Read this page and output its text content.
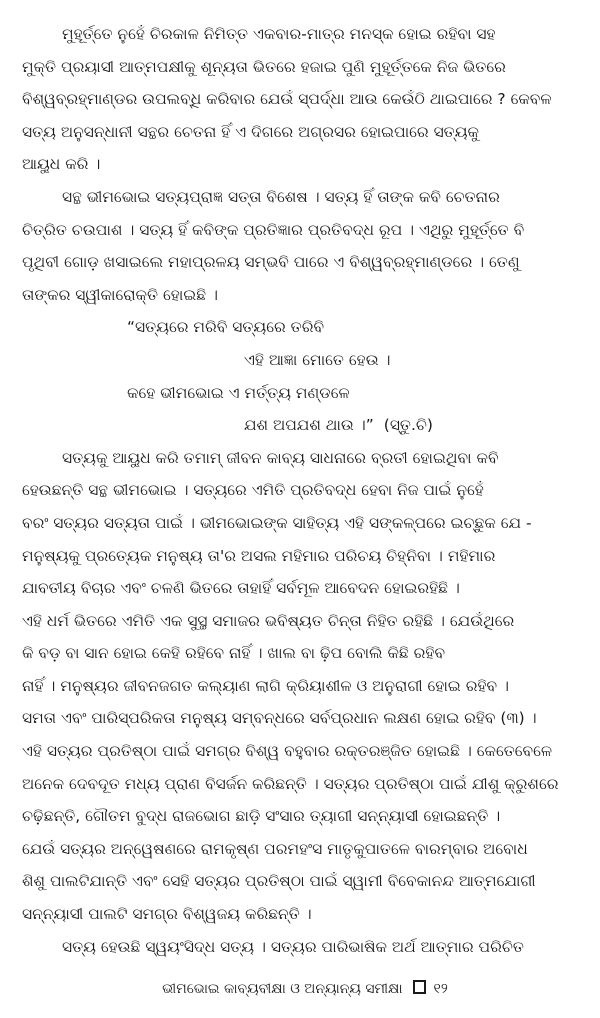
ମୁହୂର୍ତ୍ତେ ନୁହେଁ ଚିରକାଳ ନିମିତ୍ତ ଏକବାର-ମାତ୍ର ମନସ୍କ ହୋଇ ରହିବା ସହ
ମୁକ୍ତି ପ୍ରୟାସୀ ଆତ୍ମପକ୍ଷୀକୁ ଶୂନ୍ୟତା ଭିତରେ ହଜାଇ ପୁଣି ମୁହୂର୍ତ୍ତକେ ନିଜ ଭିତରେ
ବିଶ୍ୱବ୍ରହ୍ମାଣ୍ଡର ଉପଲବ୍ଧି କରିବାର ଯେଉଁ ସ୍ପର୍ଦ୍ଧା ଆଉ କେଉଁଠି ଥାଇପାରେ ? କେବଳ
ସତ୍ୟ ଅନୁସନ୍ଧାନୀ ସନ୍ଥର ଚେତନା ହିଁ ଏ ଦିଗରେ ଅଗ୍ରସର ହୋଇପାରେ ସତ୍ୟକୁ
ଆୟୁଧ କରି ।
ସନ୍ଥ ଭୀମଭୋଇ ସତ୍ୟପ୍ରାଜ୍ଞ ସତ୍ତା ବିଶେଷ । ସତ୍ୟ ହିଁ ତାଙ୍କ କବି ଚେତନାର
ଚିତ୍ରିତ ଚଉପାଶ । ସତ୍ୟ ହିଁ କବିଙ୍କ ପ୍ରତିଜ୍ଞାର ପ୍ରତିବଦ୍ଧ ରୂପ । ଏଥିରୁ ମୁହୂର୍ତ୍ତେ ବି
ପୃଥିବୀ ଗୋଡ଼ ଖସାଇଲେ ମହାପ୍ରଳୟ ସମ୍ଭବି ପାରେ ଏ ବିଶ୍ୱବ୍ରହ୍ମାଣ୍ଡରେ । ତେଣୁ
ତାଙ୍କର ସ୍ୱୀକାରୋକ୍ତି ହୋଇଛି ।
“ସତ୍ୟରେ ମରିବି ସତ୍ୟରେ ତରିବି
ଏହି ଆଜ୍ଞା ମୋତେ ହେଉ ।
କହେ ଭୀମଭୋଇ ଏ ମର୍ତ୍ତ୍ୟ ମଣ୍ଡଳେ
ଯଶ ଅପଯଶ ଥାଉ ।” (ସ୍ତୁ.ଚି)
ସତ୍ୟକୁ ଆୟୁଧ କରି ତମାମ୍ ଜୀବନ କାବ୍ୟ ସାଧନାରେ ବ୍ରତୀ ହୋଇଥିବା କବି
ହେଉଛନ୍ତି ସନ୍ଥ ଭୀମଭୋଇ । ସତ୍ୟରେ ଏମିତି ପ୍ରତିବଦ୍ଧ ହେବା ନିଜ ପାଇଁ ନୁହେଁ
ବରଂ ସତ୍ୟର ସତ୍ୟତା ପାଇଁ । ଭୀମଭୋଇଙ୍କ ସାହିତ୍ୟ ଏହି ସଙ୍କଳ୍ପରେ ଇଚ୍ଛୁକ ଯେ -
ମନୁଷ୍ୟକୁ ପ୍ରତ୍ୟେକ ମନୁଷ୍ୟ ତା'ର ଅସଲ ମହିମାର ପରିଚୟ ଚିହ୍ନିବା । ମହିମାର
ଯାବତୀୟ ବିଚାର ଏବଂ ଚଳଣି ଭିତରେ ତାହାହିଁ ସର୍ବମୂଳ ଆବେଦନ ହୋଇରହିଛି ।
ଏହି ଧର୍ମ ଭିତରେ ଏମିତି ଏକ ସୁସ୍ଥ ସମାଜର ଭବିଷ୍ୟତ ଚିନ୍ତା ନିହିତ ରହିଛି । ଯେଉଁଥିରେ
କି ବଡ଼ ବା ସାନ ହୋଇ କେହି ରହିବେ ନାହିଁ । ଖାଲ ବା ଢ଼ିପ ବୋଲି କିଛି ରହିବ
ନାହିଁ । ମନୁଷ୍ୟର ଜୀବନଜଗତ କଲ୍ୟାଣ ଲାଗି କ୍ରିୟାଶୀଳ ଓ ଅନୁରାଗୀ ହୋଇ ରହିବ ।
ସମତା ଏବଂ ପାରିସ୍ପରିକତା ମନୁଷ୍ୟ ସମ୍ବନ୍ଧରେ ସର୍ବପ୍ରଧାନ ଲକ୍ଷଣ ହୋଇ ରହିବ (୩) ।
ଏହି ସତ୍ୟର ପ୍ରତିଷ୍ଠା ପାଇଁ ସମଗ୍ର ବିଶ୍ୱ ବହୁବାର ରକ୍ତରଞ୍ଜିତ ହୋଇଛି । କେତେବେଳେ
ଅନେକ ଦେବଦୂତ ମଧ୍ୟ ପ୍ରାଣ ବିସର୍ଜନ କରିଛନ୍ତି । ସତ୍ୟର ପ୍ରତିଷ୍ଠା ପାଇଁ ଯୀଶୁ କ୍ରୁଶରେ
ଚଢ଼ିଛନ୍ତି, ଗୌତମ ବୁଦ୍ଧ ରାଜଭୋଗ ଛାଡ଼ି ସଂସାର ତ୍ୟାଗୀ ସନ୍ନ୍ୟାସୀ ହୋଇଛନ୍ତି ।
ଯେଉଁ ସତ୍ୟର ଅନ୍ୱେଷଣରେ ରାମକୃଷ୍ଣ ପରମହଂସ ମାତୃକୁପାତଳେ ବାରମ୍ବାର ଅବୋଧ
ଶିଶୁ ପାଲଟିଯାନ୍ତି ଏବଂ ସେହି ସତ୍ୟର ପ୍ରତିଷ୍ଠା ପାଇଁ ସ୍ୱାମୀ ବିବେକାନନ୍ଦ ଆତ୍ମଯୋଗୀ
ସନ୍ନ୍ୟାସୀ ପାଲଟି ସମଗ୍ର ବିଶ୍ୱଜୟ କରିଛନ୍ତି ।
ସତ୍ୟ ହେଉଛି ସ୍ୱୟଂସିଦ୍ଧ ସତ୍ୟ । ସତ୍ୟର ପାରିଭାଷିକ ଅର୍ଥ ଆତ୍ମାର ପରିଚିତ
ଭୀମଭୋଇ କାବ୍ୟବୀକ୍ଷା ଓ ଅନ୍ୟାନ୍ୟ ସମୀକ୍ଷା ୧୨
